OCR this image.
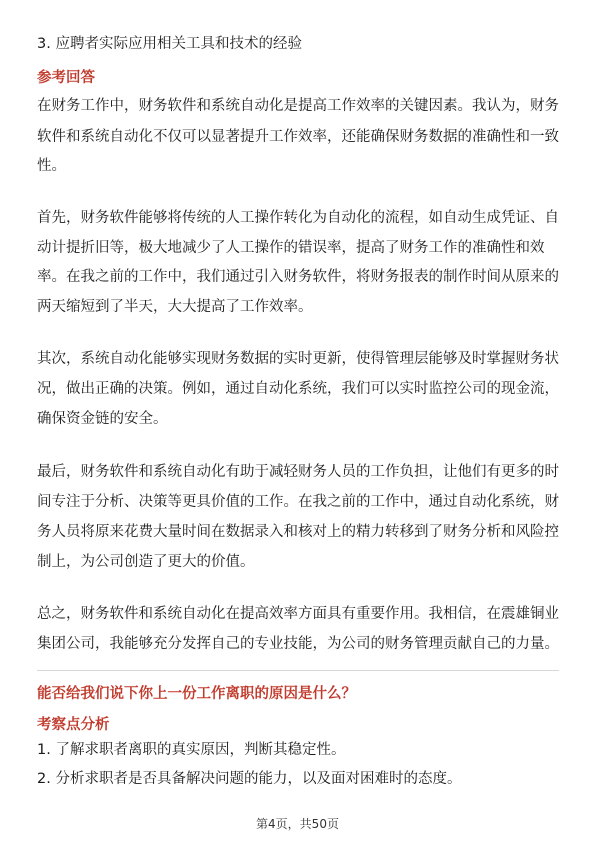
3. 应聘者实际应用相关工具和技术的经验
参考回答
在财务工作中，财务软件和系统自动化是提高工作效率的关键因素。我认为，财务
软件和系统自动化不仅可以显著提升工作效率，还能确保财务数据的准确性和一致
性。
首先，财务软件能够将传统的人工操作转化为自动化的流程，如自动生成凭证、自
动计提折旧等，极大地减少了人工操作的错误率，提高了财务工作的准确性和效
率。在我之前的工作中，我们通过引入财务软件，将财务报表的制作时间从原来的
两天缩短到了半天，大大提高了工作效率。
其次，系统自动化能够实现财务数据的实时更新，使得管理层能够及时掌握财务状
况，做出正确的决策。例如，通过自动化系统，我们可以实时监控公司的现金流，
确保资金链的安全。
最后，财务软件和系统自动化有助于减轻财务人员的工作负担，让他们有更多的时
间专注于分析、决策等更具价值的工作。在我之前的工作中，通过自动化系统，财
务人员将原来花费大量时间在数据录入和核对上的精力转移到了财务分析和风险控
制上，为公司创造了更大的价值。
总之，财务软件和系统自动化在提高效率方面具有重要作用。我相信，在震雄铜业
集团公司，我能够充分发挥自己的专业技能，为公司的财务管理贡献自己的力量。
能否给我们说下你上一份工作离职的原因是什么？
考察点分析
1. 了解求职者离职的真实原因，判断其稳定性。
2. 分析求职者是否具备解决问题的能力，以及面对困难时的态度。
第4页，共50页
